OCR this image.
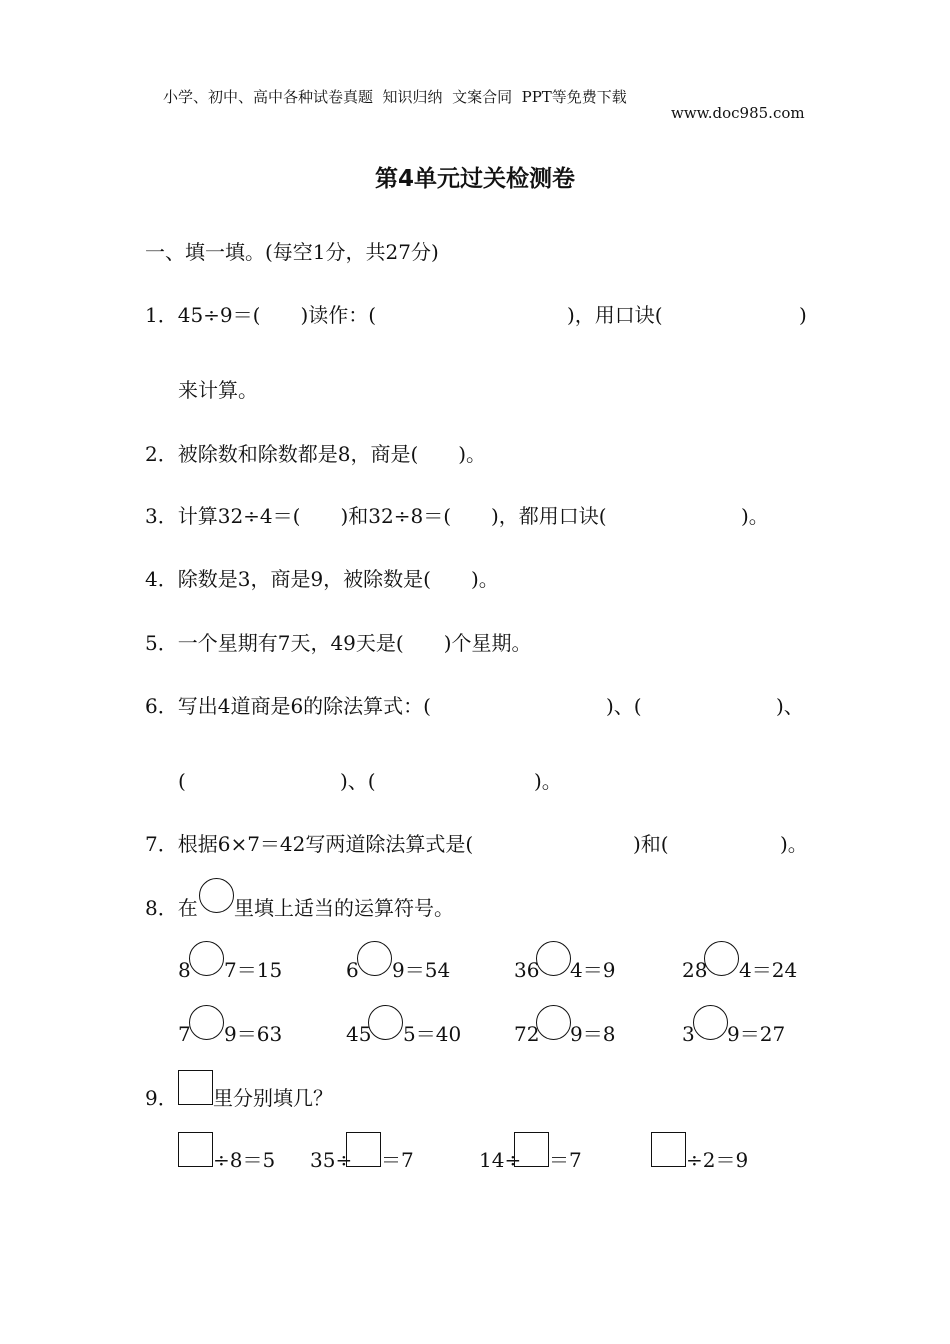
小学、初中、高中各种试卷真题  知识归纳  文案合同  PPT等免费下载

www.doc985.com

第4单元过关检测卷
一、填一填。(每空1分，共27分)
1．45÷9＝(　　)读作：(	)，用口诀(	)
来计算。
2．被除数和除数都是8，商是(　　)。
3．计算32÷4＝(　　)和32÷8＝(　　)，都用口诀(	)。
4．除数是3，商是9，被除数是(　　)。
5．一个星期有7天，49天是(　　)个星期。
6．写出4道商是6的除法算式：(	)、(	)、
(	)、(	)。
7．根据6×7＝42写两道除法算式是(	)和(	)。
8．在 里填上适当的运算符号。
8 7＝15	6 9＝54	36 4＝9	28 4＝24
7 9＝63	45 5＝40	72 9＝8	3 9＝27
9． 里分别填几？
÷8＝5 35÷ ＝7	14÷ ＝7	÷2＝9
